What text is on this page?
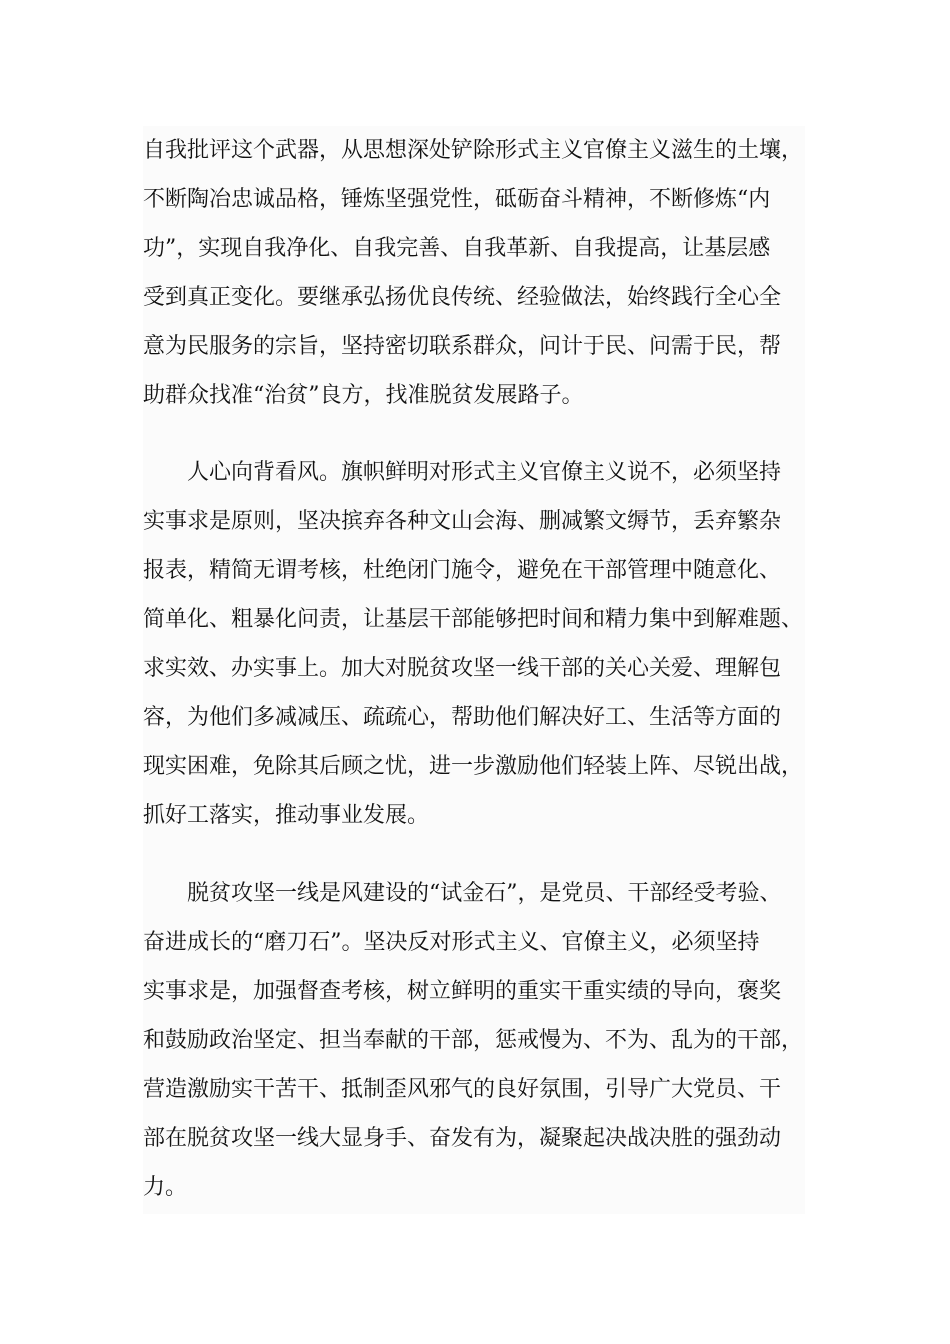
自我批评这个武器，从思想深处铲除形式主义官僚主义滋生的土壤，
不断陶冶忠诚品格，锤炼坚强党性，砥砺奋斗精神，不断修炼“内
功”，实现自我净化、自我完善、自我革新、自我提高，让基层感
受到真正变化。要继承弘扬优良传统、经验做法，始终践行全心全
意为民服务的宗旨，坚持密切联系群众，问计于民、问需于民，帮
助群众找准“治贫”良方，找准脱贫发展路子。
人心向背看风。旗帜鲜明对形式主义官僚主义说不，必须坚持
实事求是原则，坚决摈弃各种文山会海、删减繁文缛节，丢弃繁杂
报表，精简无谓考核，杜绝闭门施令，避免在干部管理中随意化、
简单化、粗暴化问责，让基层干部能够把时间和精力集中到解难题、
求实效、办实事上。加大对脱贫攻坚一线干部的关心关爱、理解包
容，为他们多减减压、疏疏心，帮助他们解决好工、生活等方面的
现实困难，免除其后顾之忧，进一步激励他们轻装上阵、尽锐出战，
抓好工落实，推动事业发展。
脱贫攻坚一线是风建设的“试金石”，是党员、干部经受考验、
奋进成长的“磨刀石”。坚决反对形式主义、官僚主义，必须坚持
实事求是，加强督查考核，树立鲜明的重实干重实绩的导向，褒奖
和鼓励政治坚定、担当奉献的干部，惩戒慢为、不为、乱为的干部，
营造激励实干苦干、抵制歪风邪气的良好氛围，引导广大党员、干
部在脱贫攻坚一线大显身手、奋发有为，凝聚起决战决胜的强劲动
力。
